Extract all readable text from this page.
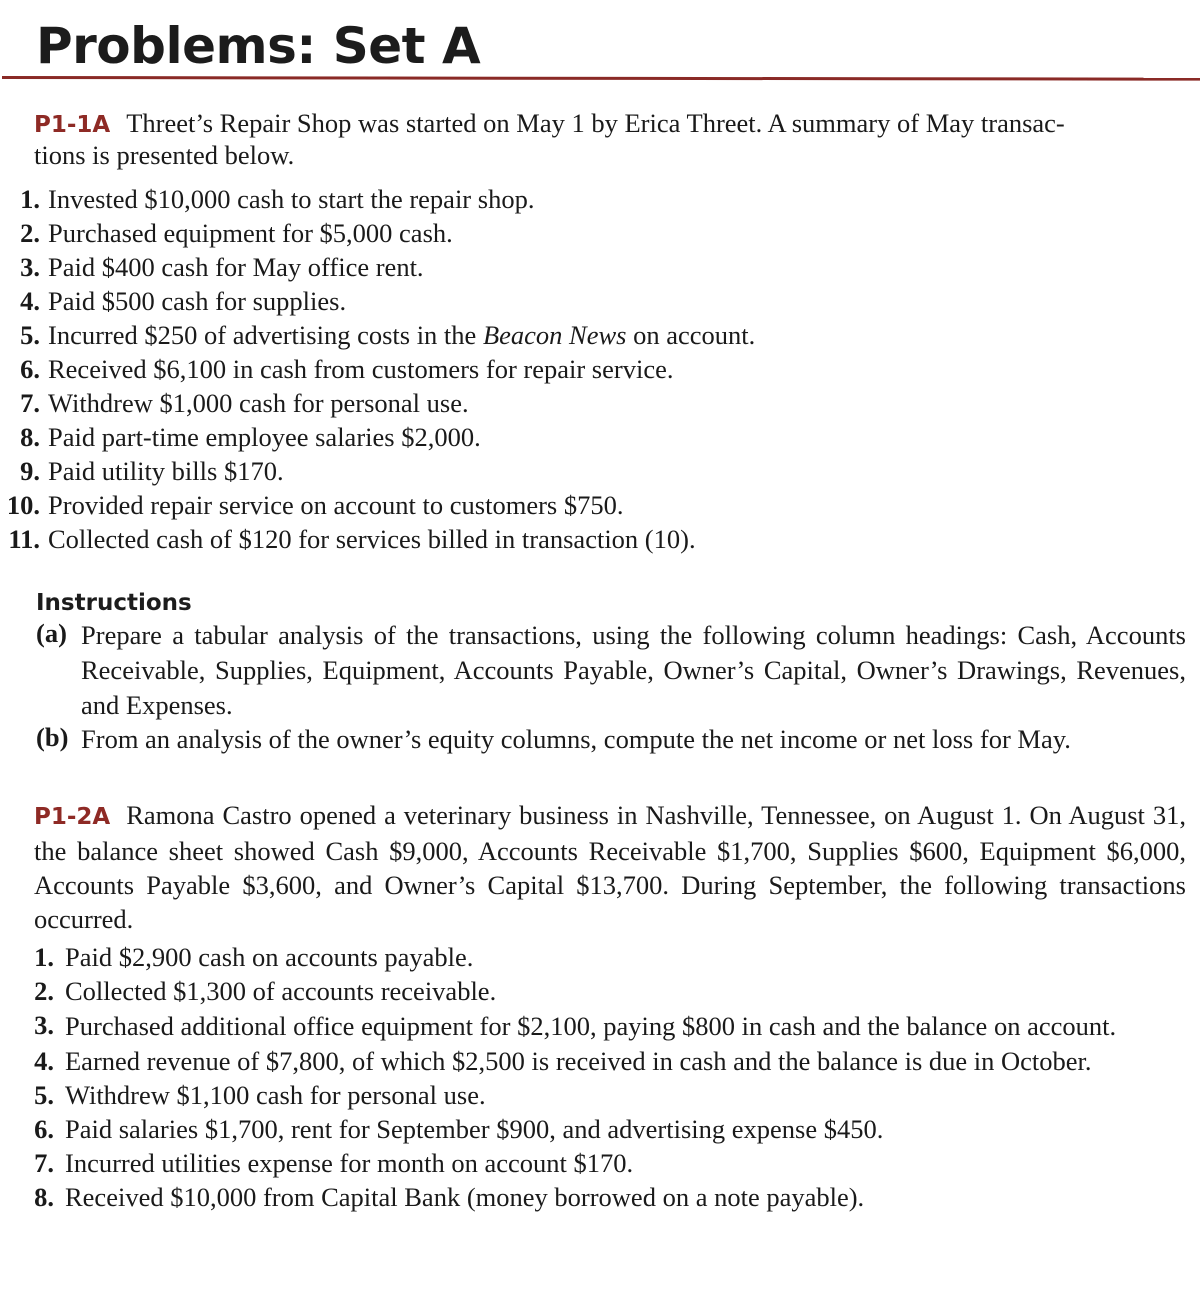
Problems: Set A

P1-1A Threet’s Repair Shop was started on May 1 by Erica Threet. A summary of May transac-
tions is presented below.

1. Invested $10,000 cash to start the repair shop.
2. Purchased equipment for $5,000 cash.
3. Paid $400 cash for May office rent.
4. Paid $500 cash for supplies.
5. Incurred $250 of advertising costs in the Beacon News on account.
6. Received $6,100 in cash from customers for repair service.
7. Withdrew $1,000 cash for personal use.
8. Paid part-time employee salaries $2,000.
9. Paid utility bills $170.
10. Provided repair service on account to customers $750.
11. Collected cash of $120 for services billed in transaction (10).
Instructions
(a) Prepare a tabular analysis of the transactions, using the following column headings: Cash, Accounts Receivable, Supplies, Equipment, Accounts Payable, Owner’s Capital, Owner’s Drawings, Revenues, and Expenses.
(b) From an analysis of the owner’s equity columns, compute the net income or net loss for May.

P1-2A Ramona Castro opened a veterinary business in Nashville, Tennessee, on August 1. On August 31, the balance sheet showed Cash $9,000, Accounts Receivable $1,700, Supplies $600, Equipment $6,000, Accounts Payable $3,600, and Owner’s Capital $13,700. During September, the following transactions occurred.

1. Paid $2,900 cash on accounts payable.
2. Collected $1,300 of accounts receivable.
3. Purchased additional office equipment for $2,100, paying $800 in cash and the balance on account.
4. Earned revenue of $7,800, of which $2,500 is received in cash and the balance is due in October.
5. Withdrew $1,100 cash for personal use.
6. Paid salaries $1,700, rent for September $900, and advertising expense $450.
7. Incurred utilities expense for month on account $170.
8. Received $10,000 from Capital Bank (money borrowed on a note payable).
